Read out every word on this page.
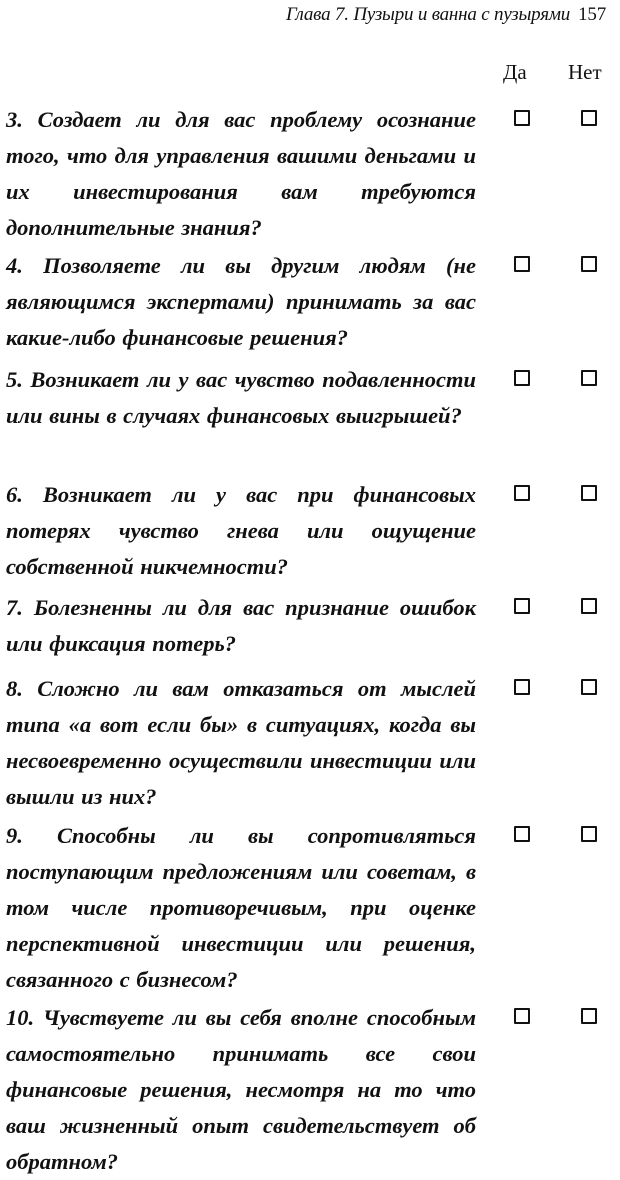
Глава 7. Пузыри и ванна с пузырями 157
Да Нет
3. Создает ли для вас проблему осознание того, что для управления вашими деньгами и их инвестирования вам требуются дополнительные знания?
4. Позволяете ли вы другим людям (не являющимся экспертами) принимать за вас какие-либо финансовые решения?
5. Возникает ли у вас чувство подавленности или вины в случаях финансовых выигрышей?
6. Возникает ли у вас при финансовых потерях чувство гнева или ощущение собственной никчемности?
7. Болезненны ли для вас признание ошибок или фиксация потерь?
8. Сложно ли вам отказаться от мыслей типа «а вот если бы» в ситуациях, когда вы несвоевременно осуществили инвестиции или вышли из них?
9. Способны ли вы сопротивляться поступающим предложениям или советам, в том числе противоречивым, при оценке перспективной инвестиции или решения, связанного с бизнесом?
10. Чувствуете ли вы себя вполне способным самостоятельно принимать все свои финансовые решения, несмотря на то что ваш жизненный опыт свидетельствует об обратном?
